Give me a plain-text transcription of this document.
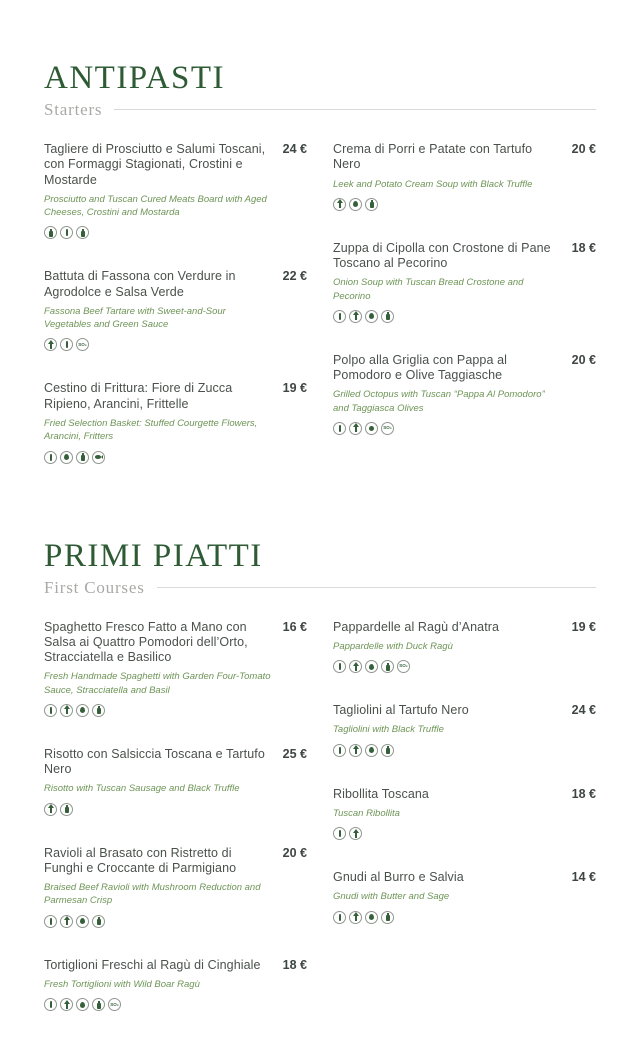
ANTIPASTI
Starters
Tagliere di Prosciutto e Salumi Toscani, con Formaggi Stagionati, Crostini e Mostarde
24 €

Prosciutto and Tuscan Cured Meats Board with Aged Cheeses, Crostini and Mostarda

Battuta di Fassona con Verdure in Agrodolce e Salsa Verde
22 €

Fassona Beef Tartare with Sweet-and-Sour Vegetables and Green Sauce

SO₂
Cestino di Frittura: Fiore di Zucca Ripieno, Arancini, Frittelle
19 €

Fried Selection Basket: Stuffed Courgette Flowers, Arancini, Fritters

Crema di Porri e Patate con Tartufo Nero
20 €

Leek and Potato Cream Soup with Black Truffle

Zuppa di Cipolla con Crostone di Pane Toscano al Pecorino
18 €

Onion Soup with Tuscan Bread Crostone and Pecorino

Polpo alla Griglia con Pappa al Pomodoro e Olive Taggiasche
20 €

Grilled Octopus with Tuscan “Pappa Al Pomodoro” and Taggiasca Olives

SO₂
PRIMI PIATTI
First Courses
Spaghetto Fresco Fatto a Mano con Salsa ai Quattro Pomodori dell’Orto, Stracciatella e Basilico
16 €

Fresh Handmade Spaghetti with Garden Four-Tomato Sauce, Stracciatella and Basil

Risotto con Salsiccia Toscana e Tartufo Nero
25 €

Risotto with Tuscan Sausage and Black Truffle

Ravioli al Brasato con Ristretto di Funghi e Croccante di Parmigiano
20 €

Braised Beef Ravioli with Mushroom Reduction and Parmesan Crisp

Tortiglioni Freschi al Ragù di Cinghiale	18 €

Fresh Tortiglioni with Wild Boar Ragù

SO₂
Pappardelle al Ragù d’Anatra	19 €

Pappardelle with Duck Ragù

SO₂
Tagliolini al Tartufo Nero	24 €

Tagliolini with Black Truffle

Ribollita Toscana	18 €

Tuscan Ribollita

Gnudi al Burro e Salvia	14 €

Gnudi with Butter and Sage
